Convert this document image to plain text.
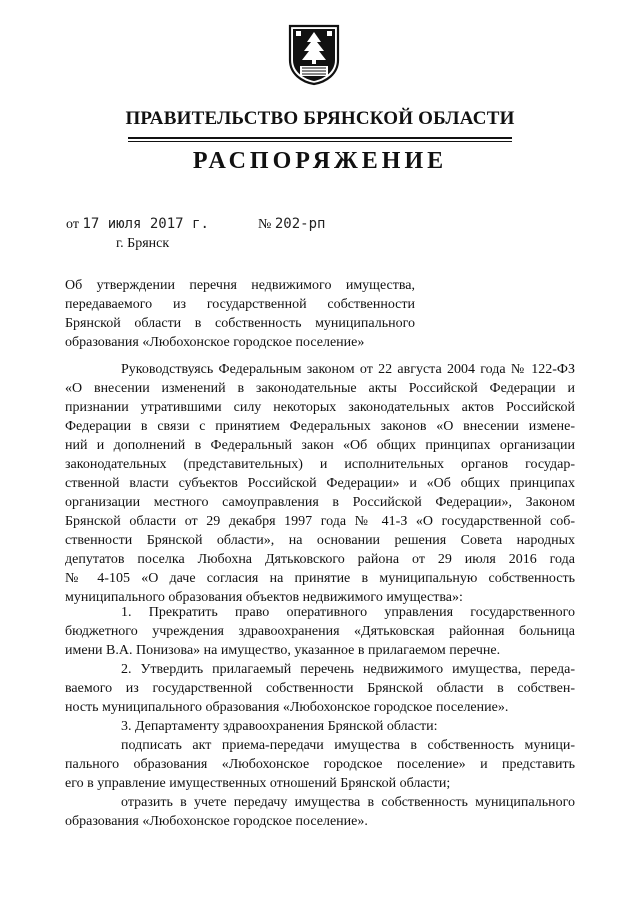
ПРАВИТЕЛЬСТВО БРЯНСКОЙ ОБЛАСТИ
РАСПОРЯЖЕНИЕ
от 17 июля 2017 г.	№ 202-рп
г. Брянск
Об утверждении перечня недвижимого имущества,
передаваемого из государственной собственности
Брянской области в собственность муниципального
образования «Любохонское городское поселение»
Руководствуясь Федеральным законом от 22 августа 2004 года № 122-ФЗ
«О внесении изменений в законодательные акты Российской Федерации и
признании утратившими силу некоторых законодательных актов Российской
Федерации в связи с принятием Федеральных законов «О внесении измене-
ний и дополнений в Федеральный закон «Об общих принципах организации
законодательных (представительных) и исполнительных органов государ-
ственной власти субъектов Российской Федерации» и «Об общих принципах
организации местного самоуправления в Российской Федерации», Законом
Брянской области от 29 декабря 1997 года № 41-З «О государственной соб-
ственности Брянской области», на основании решения Совета народных
депутатов поселка Любохна Дятьковского района от 29 июля 2016 года
№ 4-105 «О даче согласия на принятие в муниципальную собственность
муниципального образования объектов недвижимого имущества»:
1. Прекратить право оперативного управления государственного
бюджетного учреждения здравоохранения «Дятьковская районная больница
имени В.А. Понизова» на имущество, указанное в прилагаемом перечне.
2. Утвердить прилагаемый перечень недвижимого имущества, переда-
ваемого из государственной собственности Брянской области в собствен-
ность муниципального образования «Любохонское городское поселение».
3. Департаменту здравоохранения Брянской области:
подписать акт приема-передачи имущества в собственность муници-
пального образования «Любохонское городское поселение» и представить
его в управление имущественных отношений Брянской области;
отразить в учете передачу имущества в собственность муниципального
образования «Любохонское городское поселение».
